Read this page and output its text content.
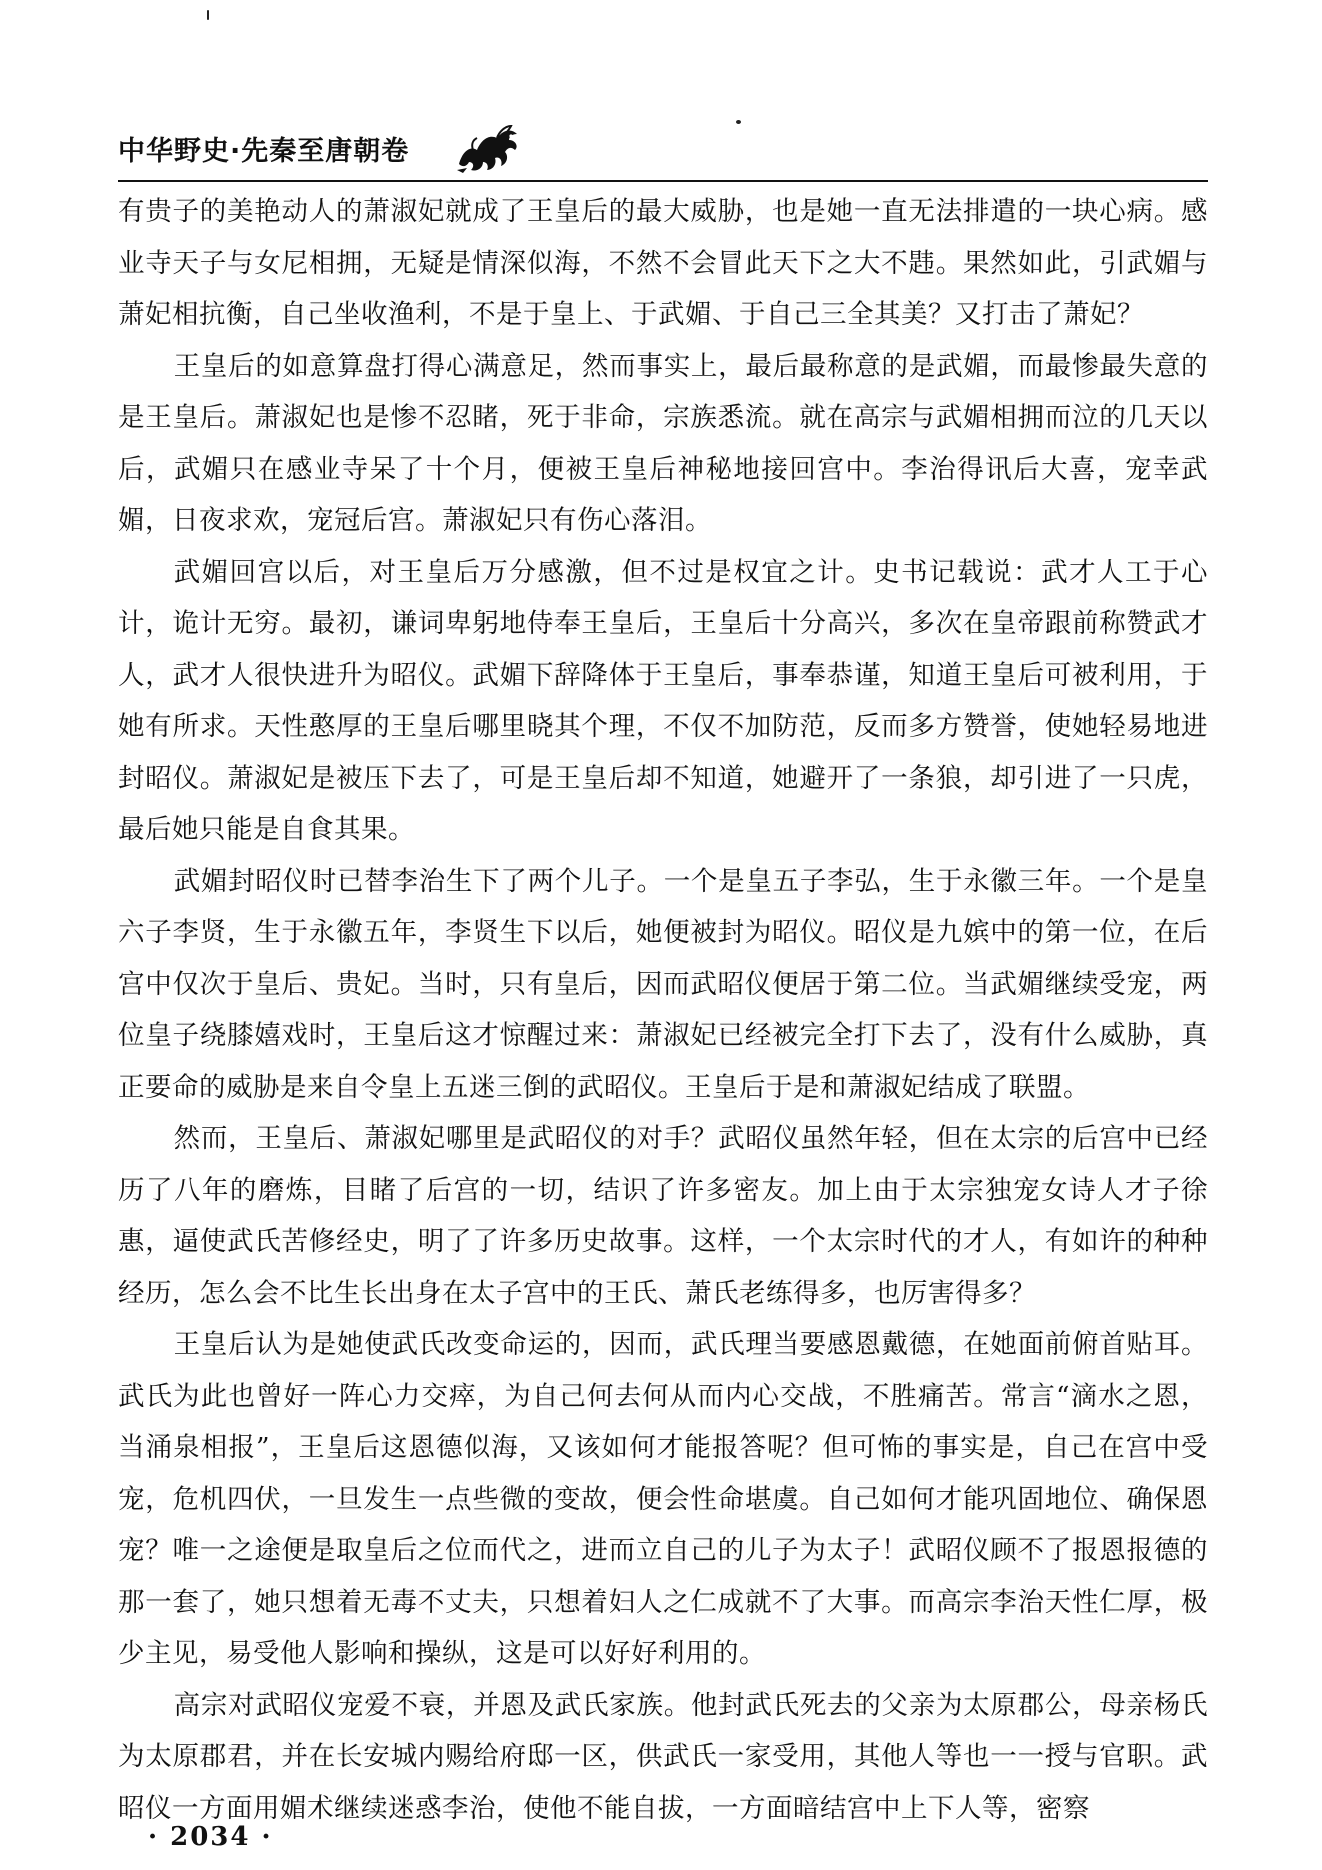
中华野史·先秦至唐朝卷

有贵子的美艳动人的萧淑妃就成了王皇后的最大威胁，也是她一直无法排遣的一块心病。感业寺天子与女尼相拥，无疑是情深似海，不然不会冒此天下之大不韪。果然如此，引武媚与萧妃相抗衡，自己坐收渔利，不是于皇上、于武媚、于自己三全其美？又打击了萧妃？

王皇后的如意算盘打得心满意足，然而事实上，最后最称意的是武媚，而最惨最失意的是王皇后。萧淑妃也是惨不忍睹，死于非命，宗族悉流。就在高宗与武媚相拥而泣的几天以后，武媚只在感业寺呆了十个月，便被王皇后神秘地接回宫中。李治得讯后大喜，宠幸武媚，日夜求欢，宠冠后宫。萧淑妃只有伤心落泪。

武媚回宫以后，对王皇后万分感激，但不过是权宜之计。史书记载说：武才人工于心计，诡计无穷。最初，谦词卑躬地侍奉王皇后，王皇后十分高兴，多次在皇帝跟前称赞武才人，武才人很快进升为昭仪。武媚下辞降体于王皇后，事奉恭谨，知道王皇后可被利用，于她有所求。天性憨厚的王皇后哪里晓其个理，不仅不加防范，反而多方赞誉，使她轻易地进封昭仪。萧淑妃是被压下去了，可是王皇后却不知道，她避开了一条狼，却引进了一只虎，最后她只能是自食其果。

武媚封昭仪时已替李治生下了两个儿子。一个是皇五子李弘，生于永徽三年。一个是皇六子李贤，生于永徽五年，李贤生下以后，她便被封为昭仪。昭仪是九嫔中的第一位，在后宫中仅次于皇后、贵妃。当时，只有皇后，因而武昭仪便居于第二位。当武媚继续受宠，两位皇子绕膝嬉戏时，王皇后这才惊醒过来：萧淑妃已经被完全打下去了，没有什么威胁，真正要命的威胁是来自令皇上五迷三倒的武昭仪。王皇后于是和萧淑妃结成了联盟。

然而，王皇后、萧淑妃哪里是武昭仪的对手？武昭仪虽然年轻，但在太宗的后宫中已经历了八年的磨炼，目睹了后宫的一切，结识了许多密友。加上由于太宗独宠女诗人才子徐惠，逼使武氏苦修经史，明了了许多历史故事。这样，一个太宗时代的才人，有如许的种种经历，怎么会不比生长出身在太子宫中的王氏、萧氏老练得多，也厉害得多？

王皇后认为是她使武氏改变命运的，因而，武氏理当要感恩戴德，在她面前俯首贴耳。武氏为此也曾好一阵心力交瘁，为自己何去何从而内心交战，不胜痛苦。常言“滴水之恩，当涌泉相报”，王皇后这恩德似海，又该如何才能报答呢？但可怖的事实是，自己在宫中受宠，危机四伏，一旦发生一点些微的变故，便会性命堪虞。自己如何才能巩固地位、确保恩宠？唯一之途便是取皇后之位而代之，进而立自己的儿子为太子！武昭仪顾不了报恩报德的那一套了，她只想着无毒不丈夫，只想着妇人之仁成就不了大事。而高宗李治天性仁厚，极少主见，易受他人影响和操纵，这是可以好好利用的。

高宗对武昭仪宠爱不衰，并恩及武氏家族。他封武氏死去的父亲为太原郡公，母亲杨氏为太原郡君，并在长安城内赐给府邸一区，供武氏一家受用，其他人等也一一授与官职。武昭仪一方面用媚术继续迷惑李治，使他不能自拔，一方面暗结宫中上下人等，密察

· 2034 ·
